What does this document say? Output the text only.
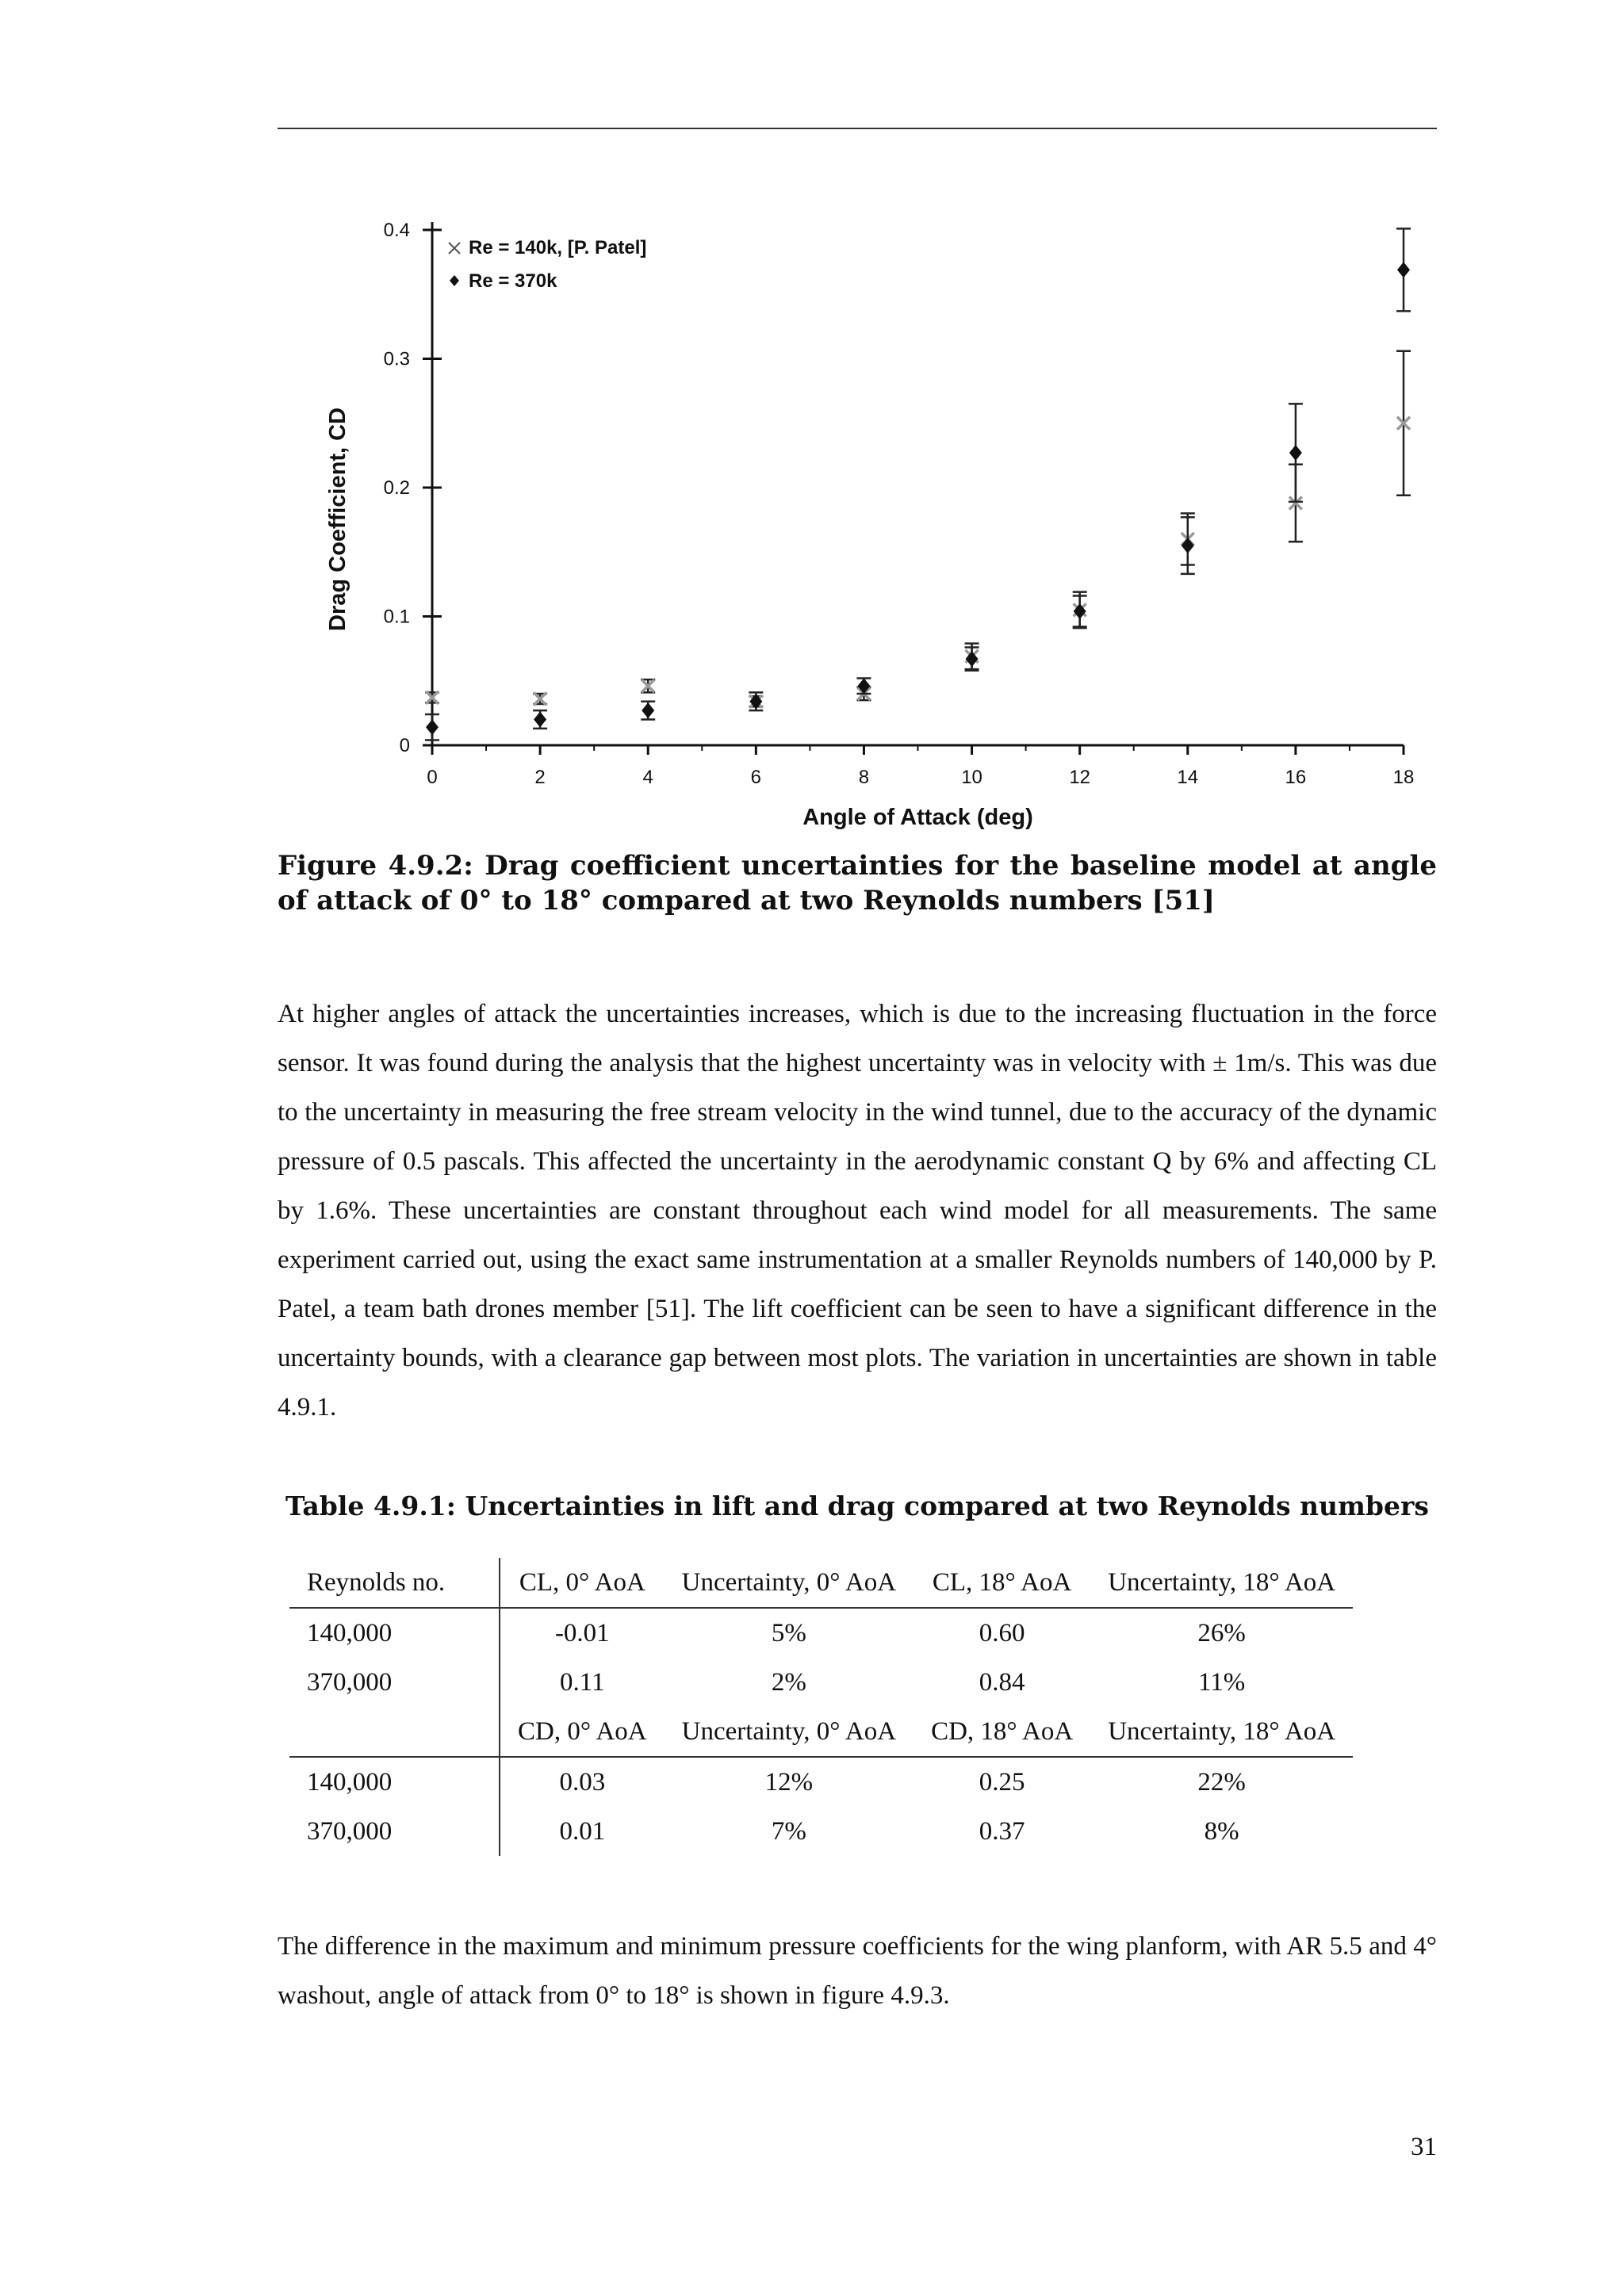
0	2	4	6	8	10	12	14	16	18
0
0.1
0.2
0.3
0.4
Angle of Attack (deg)
Drag Coefficient, CD
Re = 140k, [P. Patel]
Re = 370k
Figure 4.9.2: Drag coefficient uncertainties for the baseline model at angle of attack of 0° to 18° compared at two Reynolds numbers [51]

At higher angles of attack the uncertainties increases, which is due to the increasing fluctuation in the force sensor. It was found during the analysis that the highest uncertainty was in velocity with ± 1m/s. This was due to the uncertainty in measuring the free stream velocity in the wind tunnel, due to the accuracy of the dynamic pressure of 0.5 pascals. This affected the uncertainty in the aerodynamic constant Q by 6% and affecting CL by 1.6%. These uncertainties are constant throughout each wind model for all measurements. The same experiment carried out, using the exact same instrumentation at a smaller Reynolds numbers of 140,000 by P. Patel, a team bath drones member [51]. The lift coefficient can be seen to have a significant difference in the uncertainty bounds, with a clearance gap between most plots. The variation in uncertainties are shown in table 4.9.1.

Table 4.9.1: Uncertainties in lift and drag compared at two Reynolds numbers
Reynolds no.	CL, 0° AoA	Uncertainty, 0° AoA	CL, 18° AoA	Uncertainty, 18° AoA
140,000	-0.01	5%	0.60	26%
370,000	0.11	2%	0.84	11%
	CD, 0° AoA	Uncertainty, 0° AoA	CD, 18° AoA	Uncertainty, 18° AoA
140,000	0.03	12%	0.25	22%
370,000	0.01	7%	0.37	8%

The difference in the maximum and minimum pressure coefficients for the wing planform, with AR 5.5 and 4° washout, angle of attack from 0° to 18° is shown in figure 4.9.3.

31
